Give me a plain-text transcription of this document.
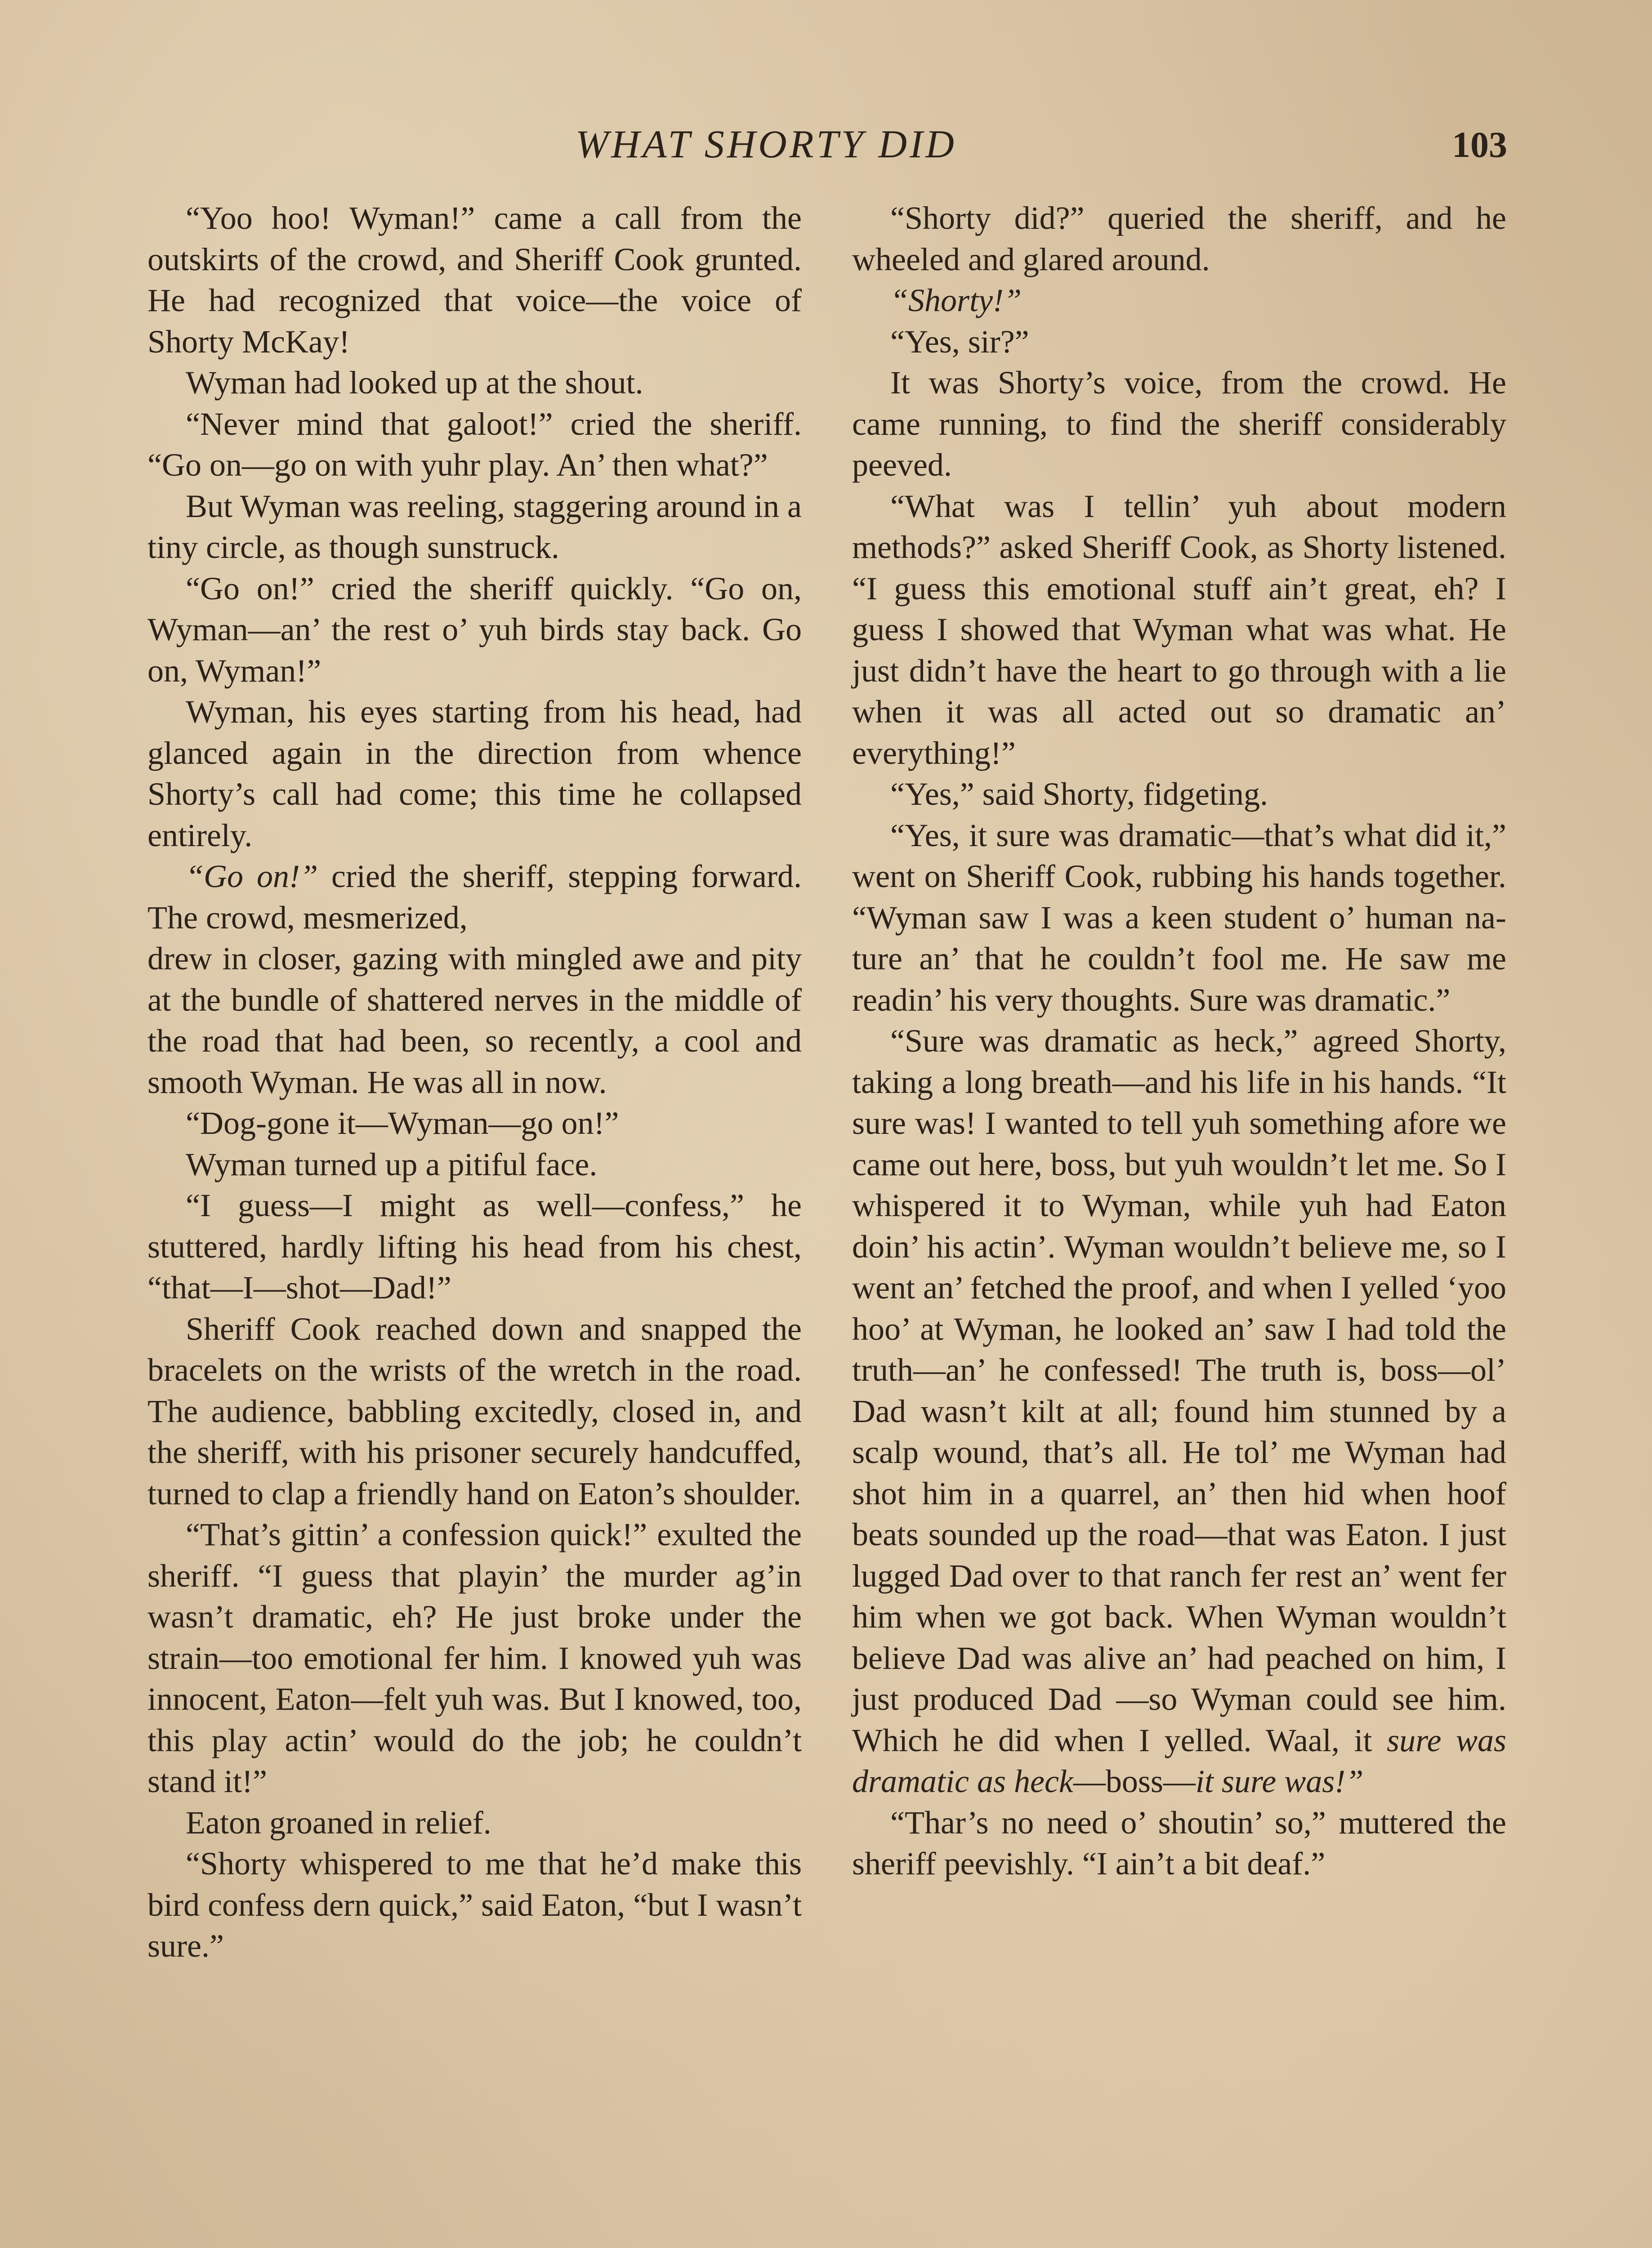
WHAT SHORTY DID	103

“Yoo hoo! Wyman!” came a call from the outskirts of the crowd, and Sheriff Cook grunted. He had recognized that voice—the voice of Shorty McKay!

Wyman had looked up at the shout.

“Never mind that galoot!” cried the sheriff. “Go on—go on with yuhr play. An’ then what?”

But Wyman was reeling, staggering around in a tiny circle, as though sunstruck.

“Go on!” cried the sheriff quickly. “Go on, Wyman—an’ the rest o’ yuh birds stay back. Go on, Wyman!”

Wyman, his eyes starting from his head, had glanced again in the direction from whence Shorty’s call had come; this time he collapsed entirely.

“Go on!” cried the sheriff, stepping forward. The crowd, mesmerized,

drew in closer, gazing with mingled awe and pity at the bundle of shattered nerves in the middle of the road that had been, so recently, a cool and smooth Wyman. He was all in now.

“Dog-gone it—Wyman—go on!”

Wyman turned up a pitiful face.

“I guess—I might as well—confess,” he stuttered, hardly lifting his head from his chest, “that—I—shot—Dad!”

Sheriff Cook reached down and snapped the bracelets on the wrists of the wretch in the road. The audience, babbling excitedly, closed in, and the sheriff, with his prisoner securely handcuffed, turned to clap a friendly hand on Eaton’s shoulder.

“That’s gittin’ a confession quick!” exulted the sheriff. “I guess that playin’ the murder ag’in wasn’t dramatic, eh? He just broke under the strain—too emotional fer him. I knowed yuh was innocent, Eaton—felt yuh was. But I knowed, too, this play actin’ would do the job; he couldn’t stand it!”

Eaton groaned in relief.

“Shorty whispered to me that he’d make this bird confess dern quick,” said Eaton, “but I wasn’t sure.”

“Shorty did?” queried the sheriff, and he wheeled and glared around.

“Shorty!”

“Yes, sir?”

It was Shorty’s voice, from the crowd. He came running, to find the sheriff considerably peeved.

“What was I tellin’ yuh about modern methods?” asked Sheriff Cook, as Shorty listened. “I guess this emotional stuff ain’t great, eh? I guess I showed that Wyman what was what. He just didn’t have the heart to go through with a lie when it was all acted out so dramatic an’ everything!”

“Yes,” said Shorty, fidgeting.

“Yes, it sure was dramatic—that’s what did it,” went on Sheriff Cook, rubbing his hands together. “Wyman saw I was a keen student o’ human nature an’ that he couldn’t fool me. He saw me readin’ his very thoughts. Sure was dramatic.”

“Sure was dramatic as heck,” agreed Shorty, taking a long breath—and his life in his hands. “It sure was! I wanted to tell yuh something afore we came out here, boss, but yuh wouldn’t let me. So I whispered it to Wyman, while yuh had Eaton doin’ his actin’. Wyman wouldn’t believe me, so I went an’ fetched the proof, and when I yelled ‘yoo hoo’ at Wyman, he looked an’ saw I had told the truth—an’ he confessed! The truth is, boss—ol’ Dad wasn’t kilt at all; found him stunned by a scalp wound, that’s all. He tol’ me Wyman had shot him in a quarrel, an’ then hid when hoof beats sounded up the road—that was Eaton. I just lugged Dad over to that ranch fer rest an’ went fer him when we got back. When Wyman wouldn’t believe Dad was alive an’ had peached on him, I just produced Dad —so Wyman could see him. Which he did when I yelled. Waal, it sure was dramatic as heck—boss—it sure was!”

“Thar’s no need o’ shoutin’ so,” muttered the sheriff peevishly. “I ain’t a bit deaf.”
